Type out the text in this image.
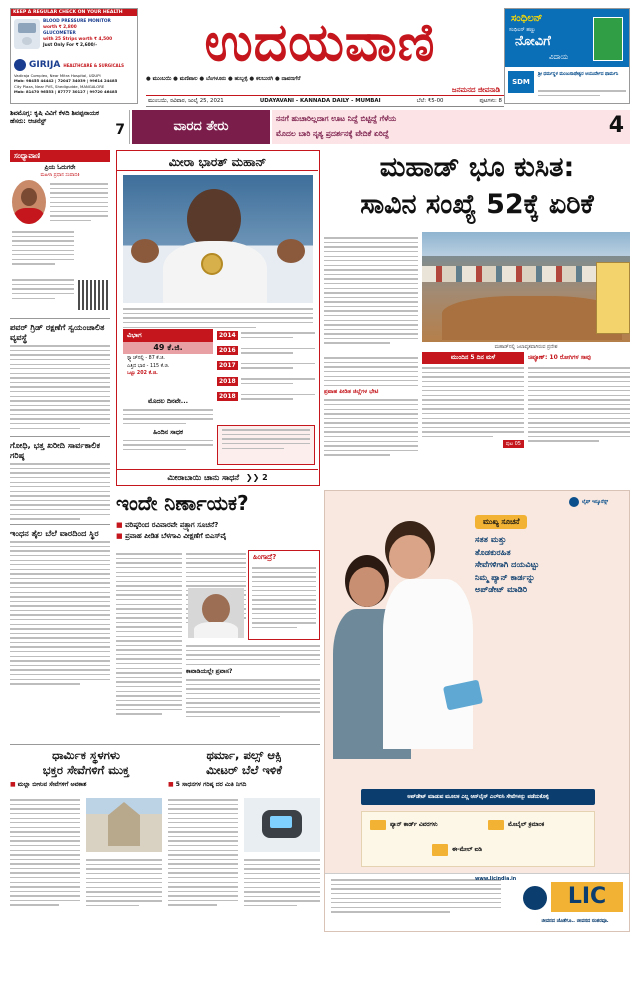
KEEP A REGULAR CHECK ON YOUR HEALTH
BLOOD PRESSURE MONITOR
worth ₹ 2,800
GLUCOMETER
with 25 Strips worth ₹ 4,500
Just Only For ₹ 2,600/-
GIRIJA HEALTHCARE & SURGICALS
Vadiraja Complex, Near Mitra Hospital, UDUPI
Mob: 98455 44442 | 72047 34039 | 99614 24485
City Plaza, Near PVS, Shedigudde, MANGALORE
Mob: 81470 96553 | 87777 30127 | 99720 46485
ಉದಯವಾಣಿ
ಜನಮನದ ಜೀವನಾಡಿ
● ಮುಂಬಯಿ ● ಮಣಿಪಾಲ ● ಬೆಂಗಳೂರು ● ಹುಬ್ಬಳ್ಳಿ ● ಕಲಬುರಗಿ ● ದಾವಣಗೆರೆ
ಸಂಧಿಲನ್
ಸಂಧಿಲನ್ ಹಣ್ಣು
ನೋವಿಗೆ
ವಿದಾಯ
SDM
ಶ್ರೀ ಧರ್ಮಸ್ಥಳ ಮಂಜುನಾಥೇಶ್ವರ ಆಯುರ್ವೇದ ಫಾರ್ಮಸಿ
ಮುಂಬಯಿ, ರವಿವಾರ, ಜುಲೈ 25, 2021	UDAYAVANI - KANNADA DAILY - MUMBAI	ಬೆಲೆ: ₹5-00	ಪುಟಗಳು: 8
ಶಿವಮೊಗ್ಗ: ಕೃಷಿ ವಿವಿಗೆ ಕೆಳದಿ ಶಿವಪ್ಪನಾಯಕ ಹೆಸರು: ಆಚನೆಸ್ಟ್
7	ವಾರದ ತೇರು
ನನಗೆ ಹುಚಾರಿಲ್ಲದಾಗ ಊಟ ನಿದ್ದೆ ಬಿಟ್ಟಿದ್ದೆ ಗೆಳೆಯ
ಮೊದಲ ಬಾರಿ ನೃತ್ಯ ಪ್ರದರ್ಶನಕ್ಕೆ ವೇದಿಕೆ ಏರಿದ್ದೆ	4
ಸಂಧ್ಯಾವಾಣಿ
ಪ್ರಿಯ ಓದುಗರೇ
ಮಹಿಳಾ ಪ್ರಧಾನ ಸಂಪಾದಕಿ
ಪವರ್ ಗ್ರಿಡ್ ರಕ್ಷಣೆಗೆ ಸ್ವಯಂಚಾಲಿತ ವ್ಯವಸ್ಥೆ
ಗೋಧಿ, ಭತ್ತ ಖರೀದಿ ಸಾರ್ವಕಾಲಿಕ ಗರಿಷ್ಠ
ಇಂಧನ ತೈಲ ಬೆಲೆ ವಾರದಿಂದ ಸ್ಥಿರ
ಮೀರಾ ಭಾರತ್ ಮಹಾನ್
ವಿಭಾಗ
49 ಕೆ.ಜಿ.
ಸ್ನ್ಯಾಚ್‌ನಲ್ಲಿ - 87 ಕೆ.ಜಿ.
ಎತ್ತಿದ ಭಾರ - 115 ಕೆ.ಜಿ.
ಒಟ್ಟು 202 ಕೆ.ಜಿ.
2014
2016
2017
2018
2018
ಮೊದಲ ದಿನವೇ...
ಹಿಂದಿನ ಸಾಧಕ
ಮೀರಾಬಾಯಿ ಚಾನು ಸಾಧನೆ ❯❯ 2
ಮಹಾಡ್ ಭೂ ಕುಸಿತ:
ಸಾವಿನ ಸಂಖ್ಯೆ 52ಕ್ಕೆ ಏರಿಕೆ
ಮಹಾಡ್‌ನಲ್ಲಿ ಜಲಾವೃತವಾಗಿರುವ ಪ್ರದೇಶ
ಪ್ರವಾಹ ಪೀಡಿತ ಜಿಲ್ಲೆಗಳ ಭೇಟಿ
ಮುಂದಿನ 5 ದಿನ ಮಳೆ
ಪುಟ 05
ಚಿಪ್ಳೂಣ್: 10 ರೋಗಿಗಳ ಸಾವು
ಇಂದೇ ನಿರ್ಣಾಯಕ?
■ ವರಿಷ್ಠರಿಂದ ರವಿವಾರವೇ ಪತ್ರ್ಯಾಗ ಸೂಚನೆ?
■ ಪ್ರವಾಹ ಪೀಡಿತ ಬೆಳಗಾವಿ ವೀಕ್ಷಣೆಗೆ ಬಿಎಸ್‌ವೈ
ಹಿಂಗಾದ್ರೆ?
ಕಾವಾಡಿಯಲ್ಲೇ ಪ್ರವಾಸ?
ಲೈಫ್ ಇನ್ಶೂರೆನ್ಸ್
ಮುಖ್ಯ ಸೂಚನೆ
ಸತತ ಮತ್ತು
ತೊಡಕುರಹಿತ
ಸೇವೆಗಳಿಗಾಗಿ ದಯವಿಟ್ಟು
ನಿಮ್ಮ ಪ್ಯಾನ್ ಕಾರ್ಡನ್ನು
ಅಪ್‌ಡೇಟ್ ಮಾಡಿರಿ
ಅಪ್‌ಡೇಟ್ ಮಾಡುವ ಮೂಲಕ ಎಲ್ಲ ಆನ್‌ಲೈನ್ ಎಲ್‌ಐಸಿ ಸೇವೆಗಳನ್ನು ಪಡೆದುಕೊಳ್ಳಿ
ಪ್ಯಾನ್ ಕಾರ್ಡ್ ವಿವರಗಳು	ಮೊಬೈಲ್ ಕ್ರಮಾಂಕ
ಈ-ಮೇಲ್ ಐಡಿ
www.licindia.in
LIC
ಜೀವನದ ಜೊತೆಗೂ.. ಜೀವನದ ನಂತರವೂ.
ಧಾರ್ಮಿಕ ಸ್ಥಳಗಳು
ಭಕ್ತರ ಸೇವೆಗಳಿಗೆ ಮುಕ್ತ
■ ಮಲ್ಲಾ ಬೀಳುವ ಸೇವೆಗಳಿಗೆ ಅವಕಾಶ
ಥರ್ಮಾ, ಪಲ್ಸ್ ಆಕ್ಸಿ
ಮೀಟರ್ ಬೆಲೆ ಇಳಿಕೆ
■ 5 ಸಾಧನಗಳ ಗರಿಷ್ಠ ದರ ಮಿತಿ ನಿಗದಿ
